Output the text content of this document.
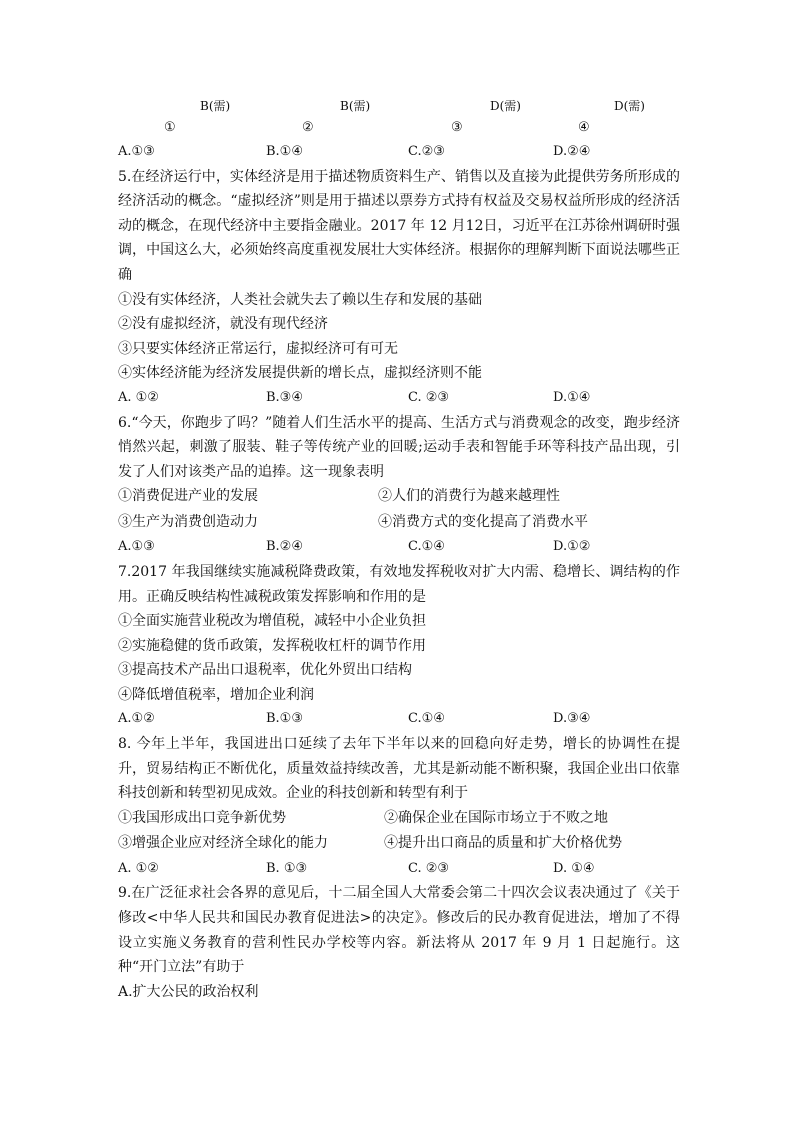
B(需)	B(需)	D(需)	D(需)
①	②	③	④
A.①③	B.①④	C.②③	D.②④
5.在经济运行中，实体经济是用于描述物质资料生产、销售以及直接为此提供劳务所形成的经济活动的概念。“虚拟经济”则是用于描述以票券方式持有权益及交易权益所形成的经济活动的概念，在现代经济中主要指金融业。2017 年 12 月12日，习近平在江苏徐州调研时强调，中国这么大，必须始终高度重视发展壮大实体经济。根据你的理解判断下面说法哪些正确
①没有实体经济，人类社会就失去了赖以生存和发展的基础
②没有虚拟经济，就没有现代经济
③只要实体经济正常运行，虚拟经济可有可无
④实体经济能为经济发展提供新的增长点，虚拟经济则不能
A. ①②	B.③④	C. ②③	D.①④
6.“今天，你跑步了吗？”随着人们生活水平的提高、生活方式与消费观念的改变，跑步经济悄然兴起，刺激了服装、鞋子等传统产业的回暖;运动手表和智能手环等科技产品出现，引发了人们对该类产品的追捧。这一现象表明
①消费促进产业的发展	②人们的消费行为越来越理性
③生产为消费创造动力	④消费方式的变化提高了消费水平
A.①③	B.②④	C.①④	D.①②
7.2017 年我国继续实施减税降费政策，有效地发挥税收对扩大内需、稳增长、调结构的作用。正确反映结构性减税政策发挥影响和作用的是
①全面实施营业税改为增值税，减轻中小企业负担
②实施稳健的货币政策，发挥税收杠杆的调节作用
③提高技术产品出口退税率，优化外贸出口结构
④降低增值税率，增加企业利润
A.①②	B.①③	C.①④	D.③④
8. 今年上半年，我国进出口延续了去年下半年以来的回稳向好走势，增长的协调性在提升，贸易结构正不断优化，质量效益持续改善，尤其是新动能不断积聚，我国企业出口依靠科技创新和转型初见成效。企业的科技创新和转型有利于
①我国形成出口竞争新优势	②确保企业在国际市场立于不败之地
③增强企业应对经济全球化的能力	④提升出口商品的质量和扩大价格优势
A. ①②	B. ①③	C. ②③	D. ①④
9.在广泛征求社会各界的意见后，十二届全国人大常委会第二十四次会议表决通过了《关于修改<中华人民共和国民办教育促进法>的决定》。修改后的民办教育促进法，增加了不得设立实施义务教育的营利性民办学校等内容。新法将从 2017 年 9 月 1 日起施行。这种“开门立法”有助于
A.扩大公民的政治权利
